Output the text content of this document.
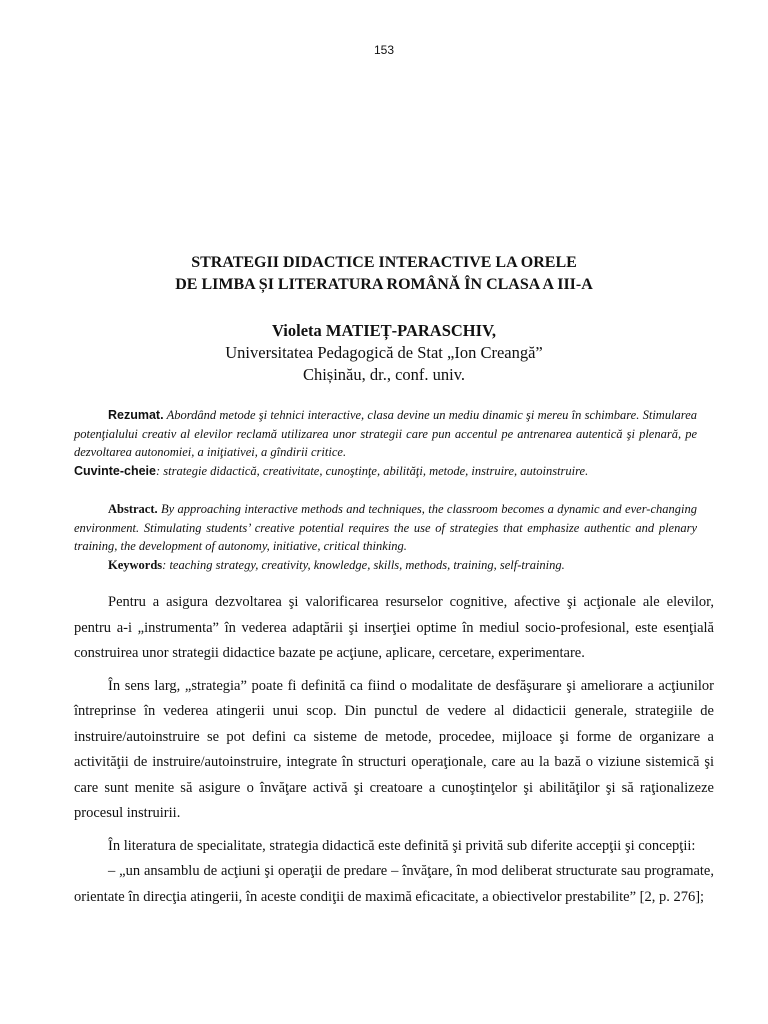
153
STRATEGII DIDACTICE INTERACTIVE LA ORELE
DE LIMBA ȘI LITERATURA ROMÂNĂ ÎN CLASA A III-A
Violeta MATIEȚ-PARASCHIV,
Universitatea Pedagogică de Stat „Ion Creangă”
Chișinău, dr., conf. univ.
Rezumat. Abordând metode şi tehnici interactive, clasa devine un mediu dinamic şi mereu în schimbare. Stimularea potenţialului creativ al elevilor reclamă utilizarea unor strategii care pun accentul pe antrenarea autentică şi plenară, pe dezvoltarea autonomiei, a iniţiativei, a gîndirii critice.
Cuvinte-cheie: strategie didactică, creativitate, cunoştinţe, abilităţi, metode, instruire, autoinstruire.
Abstract. By approaching interactive methods and techniques, the classroom becomes a dynamic and ever-changing environment. Stimulating students’ creative potential requires the use of strategies that emphasize authentic and plenary training, the development of autonomy, initiative, critical thinking.
Keywords: teaching strategy, creativity, knowledge, skills, methods, training, self-training.

Pentru a asigura dezvoltarea şi valorificarea resurselor cognitive, afective şi acţionale ale elevilor, pentru a-i „instrumenta” în vederea adaptării şi inserţiei optime în mediul socio-profesional, este esenţială construirea unor strategii didactice bazate pe acţiune, aplicare, cercetare, experimentare.

În sens larg, „strategia” poate fi definită ca fiind o modalitate de desfăşurare şi ameliorare a acţiunilor întreprinse în vederea atingerii unui scop. Din punctul de vedere al didacticii generale, strategiile de instruire/autoinstruire se pot defini ca sisteme de metode, procedee, mijloace şi forme de organizare a activităţii de instruire/autoinstruire, integrate în structuri operaţionale, care au la bază o viziune sistemică şi care sunt menite să asigure o învăţare activă şi creatoare a cunoştinţelor şi abilităţilor şi să raţionalizeze procesul instruirii.

În literatura de specialitate, strategia didactică este definită şi privită sub diferite accepţii şi concepţii:

– „un ansamblu de acţiuni şi operaţii de predare – învăţare, în mod deliberat structurate sau programate, orientate în direcţia atingerii, în aceste condiţii de maximă eficacitate, a obiectivelor prestabilite” [2, p. 276];
